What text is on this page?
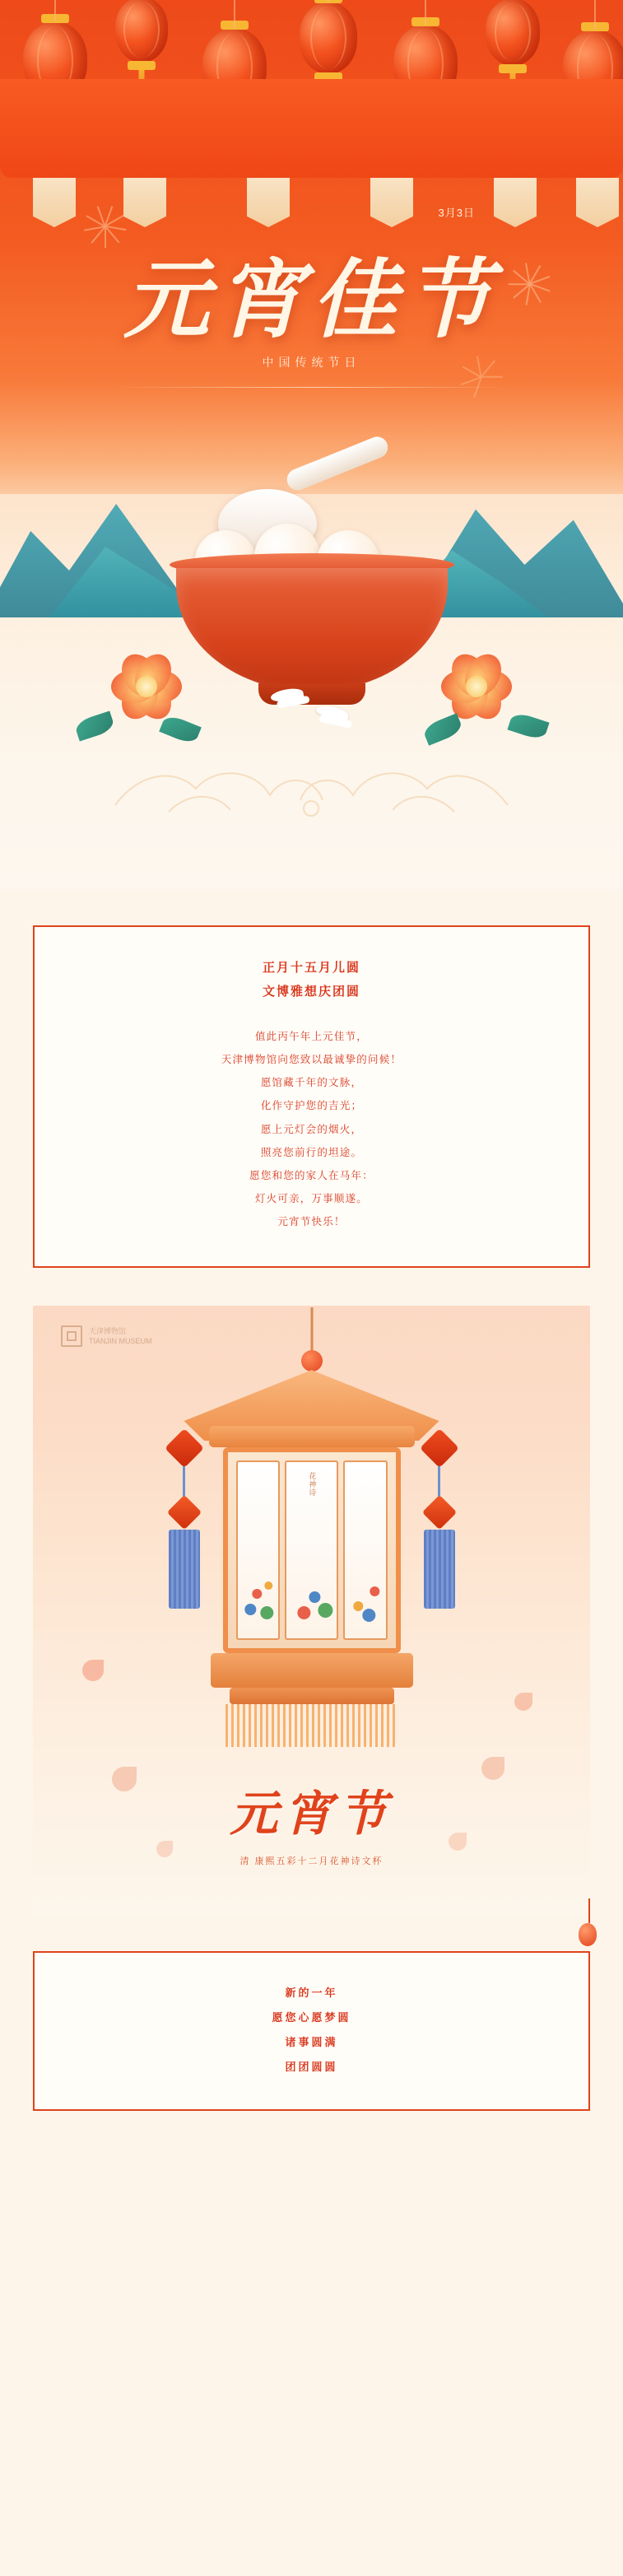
3月3日
元宵佳节
中国传统节日
正月十五月儿圆
文博雅想庆团圆
值此丙午年上元佳节，
天津博物馆向您致以最诚挚的问候！
愿馆藏千年的文脉，
化作守护您的吉光；
愿上元灯会的烟火，
照亮您前行的坦途。
愿您和您的家人在马年：
灯火可亲，万事顺遂。
元宵节快乐！
天津博物馆
TIANJIN MUSEUM
花神诗
元宵节
清 康熙五彩十二月花神诗文杯
新的一年
愿您心愿梦圆
诸事圆满
团团圆圆
